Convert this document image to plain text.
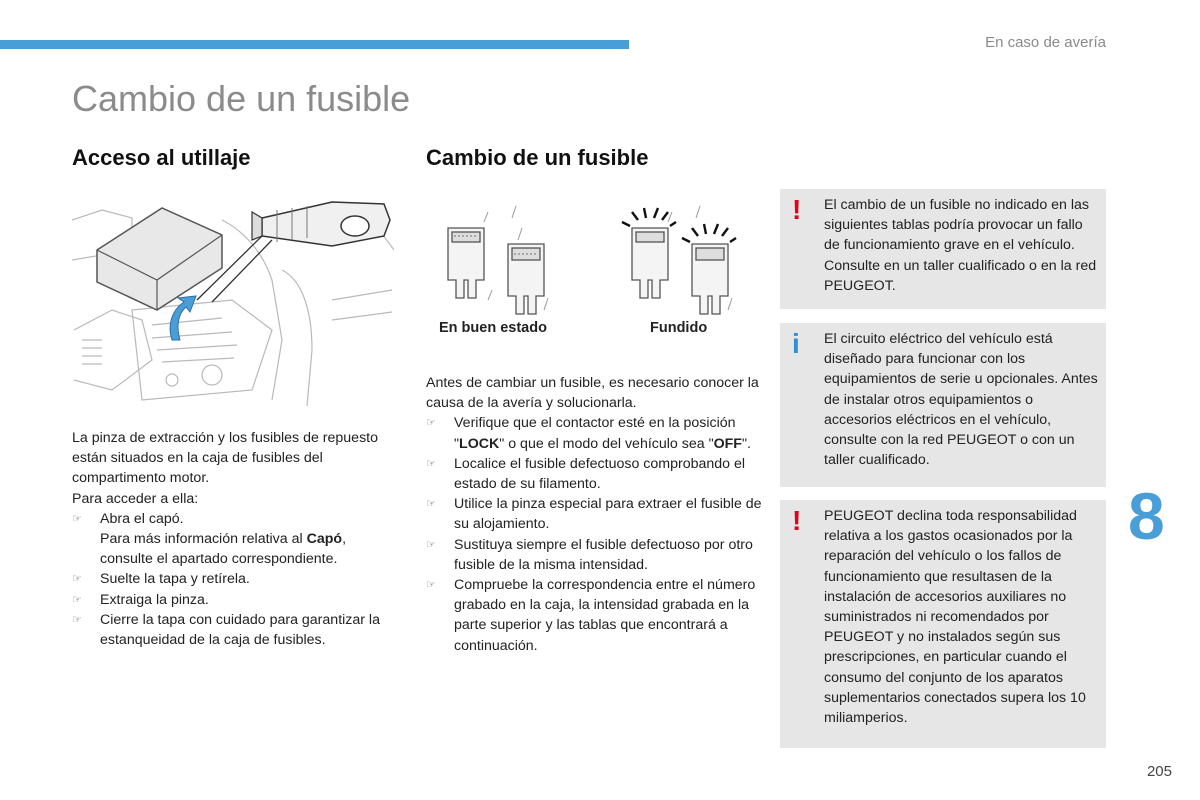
En caso de avería
Cambio de un fusible
Acceso al utillaje

La pinza de extracción y los fusibles de repuesto están situados en la caja de fusibles del compartimento motor.

Para acceder a ella:

☞ Abra el capó.
Para más información relativa al Capó, consulte el apartado correspondiente.
☞ Suelte la tapa y retírela.
☞ Extraiga la pinza.
☞ Cierre la tapa con cuidado para garantizar la estanqueidad de la caja de fusibles.
Cambio de un fusible
En buen estado	Fundido

Antes de cambiar un fusible, es necesario conocer la causa de la avería y solucionarla.

☞ Verifique que el contactor esté en la posición "LOCK" o que el modo del vehículo sea "OFF".
☞ Localice el fusible defectuoso comprobando el estado de su filamento.
☞ Utilice la pinza especial para extraer el fusible de su alojamiento.
☞ Sustituya siempre el fusible defectuoso por otro fusible de la misma intensidad.
☞ Compruebe la correspondencia entre el número grabado en la caja, la intensidad grabada en la parte superior y las tablas que encontrará a continuación.
! El cambio de un fusible no indicado en las siguientes tablas podría provocar un fallo de funcionamiento grave en el vehículo. Consulte en un taller cualificado o en la red PEUGEOT.

i El circuito eléctrico del vehículo está diseñado para funcionar con los equipamientos de serie u opcionales. Antes de instalar otros equipamientos o accesorios eléctricos en el vehículo, consulte con la red PEUGEOT o con un taller cualificado.

! PEUGEOT declina toda responsabilidad relativa a los gastos ocasionados por la reparación del vehículo o los fallos de funcionamiento que resultasen de la instalación de accesorios auxiliares no suministrados ni recomendados por PEUGEOT y no instalados según sus prescripciones, en particular cuando el consumo del conjunto de los aparatos suplementarios conectados supera los 10 miliamperios.

8
205
